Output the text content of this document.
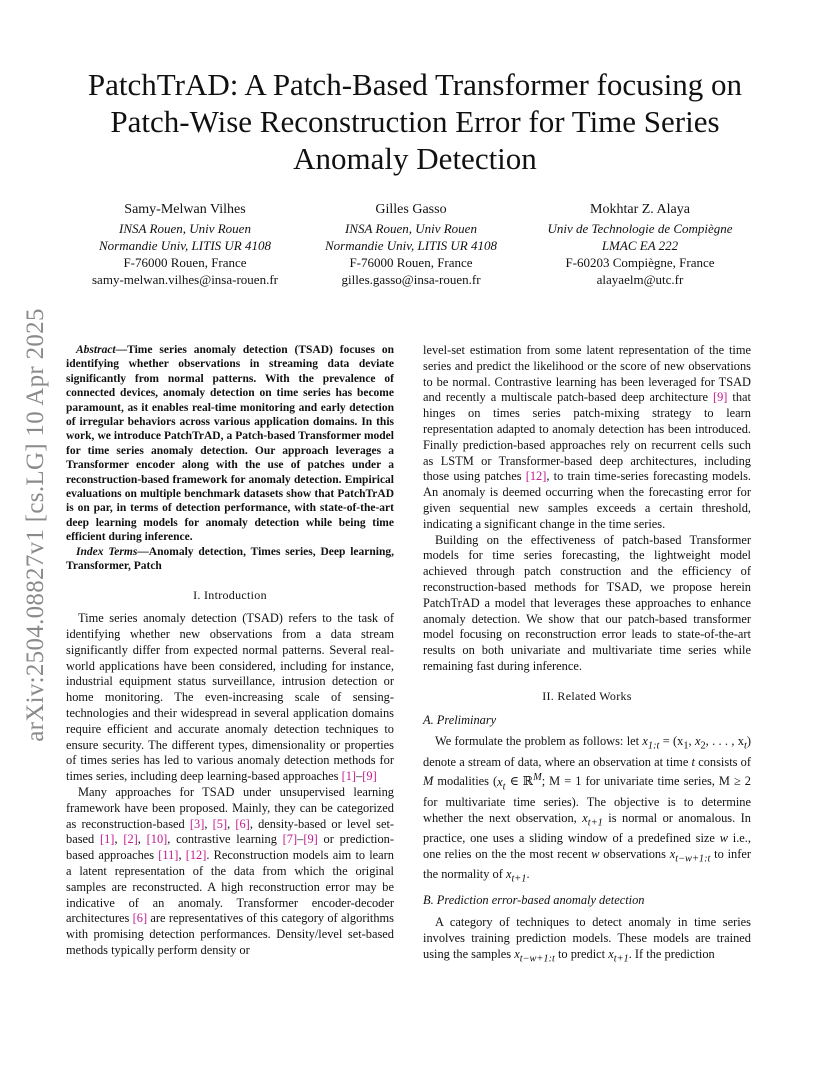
arXiv:2504.08827v1 [cs.LG] 10 Apr 2025
PatchTrAD: A Patch-Based Transformer focusing on Patch-Wise Reconstruction Error for Time Series Anomaly Detection
Samy-Melwan Vilhes
INSA Rouen, Univ Rouen
Normandie Univ, LITIS UR 4108
F-76000 Rouen, France
samy-melwan.vilhes@insa-rouen.fr
Gilles Gasso
INSA Rouen, Univ Rouen
Normandie Univ, LITIS UR 4108
F-76000 Rouen, France
gilles.gasso@insa-rouen.fr
Mokhtar Z. Alaya
Univ de Technologie de Compiègne
LMAC EA 222
F-60203 Compiègne, France
alayaelm@utc.fr

Abstract—Time series anomaly detection (TSAD) focuses on identifying whether observations in streaming data deviate significantly from normal patterns. With the prevalence of connected devices, anomaly detection on time series has become paramount, as it enables real-time monitoring and early detection of irregular behaviors across various application domains. In this work, we introduce PatchTrAD, a Patch-based Transformer model for time series anomaly detection. Our approach leverages a Transformer encoder along with the use of patches under a reconstruction-based framework for anomaly detection. Empirical evaluations on multiple benchmark datasets show that PatchTrAD is on par, in terms of detection performance, with state-of-the-art deep learning models for anomaly detection while being time efficient during inference.

Index Terms—Anomaly detection, Times series, Deep learning, Transformer, Patch

I. Introduction

Time series anomaly detection (TSAD) refers to the task of identifying whether new observations from a data stream significantly differ from expected normal patterns. Several real-world applications have been considered, including for instance, industrial equipment status surveillance, intrusion detection or home monitoring. The even-increasing scale of sensing-technologies and their widespread in several application domains require efficient and accurate anomaly detection techniques to ensure security. The different types, dimensionality or properties of times series has led to various anomaly detection methods for times series, including deep learning-based approaches [1]–[9]

Many approaches for TSAD under unsupervised learning framework have been proposed. Mainly, they can be categorized as reconstruction-based [3], [5], [6], density-based or level set-based [1], [2], [10], contrastive learning [7]–[9] or prediction-based approaches [11], [12]. Reconstruction models aim to learn a latent representation of the data from which the original samples are reconstructed. A high reconstruction error may be indicative of an anomaly. Transformer encoder-decoder architectures [6] are representatives of this category of algorithms with promising detection performances. Density/level set-based methods typically perform density or

level-set estimation from some latent representation of the time series and predict the likelihood or the score of new observations to be normal. Contrastive learning has been leveraged for TSAD and recently a multiscale patch-based deep architecture [9] that hinges on times series patch-mixing strategy to learn representation adapted to anomaly detection has been introduced. Finally prediction-based approaches rely on recurrent cells such as LSTM or Transformer-based deep architectures, including those using patches [12], to train time-series forecasting models. An anomaly is deemed occurring when the forecasting error for given sequential new samples exceeds a certain threshold, indicating a significant change in the time series.

Building on the effectiveness of patch-based Transformer models for time series forecasting, the lightweight model achieved through patch construction and the efficiency of reconstruction-based methods for TSAD, we propose herein PatchTrAD a model that leverages these approaches to enhance anomaly detection. We show that our patch-based transformer model focusing on reconstruction error leads to state-of-the-art results on both univariate and multivariate time series while remaining fast during inference.

II. Related Works
A. Preliminary

We formulate the problem as follows: let $x_{1:t} = (x_1$, $x_2$, . . . , $x_t$) denote a stream of data, where an observation at time t consists of M modalities ($x_t$ ∈ ℝ$^M$; M = 1 for univariate time series, M ≥ 2 for multivariate time series). The objective is to determine whether the next observation, $x_{t+1}$ is normal or anomalous. In practice, one uses a sliding window of a predefined size w i.e., one relies on the the most recent w observations $x_{t-w+1:t}$ to infer the normality of $x_{t+1}$.

B. Prediction error-based anomaly detection

A category of techniques to detect anomaly in time series involves training prediction models. These models are trained using the samples $x_{t-w+1:t}$ to predict $x_{t+1}$. If the prediction
